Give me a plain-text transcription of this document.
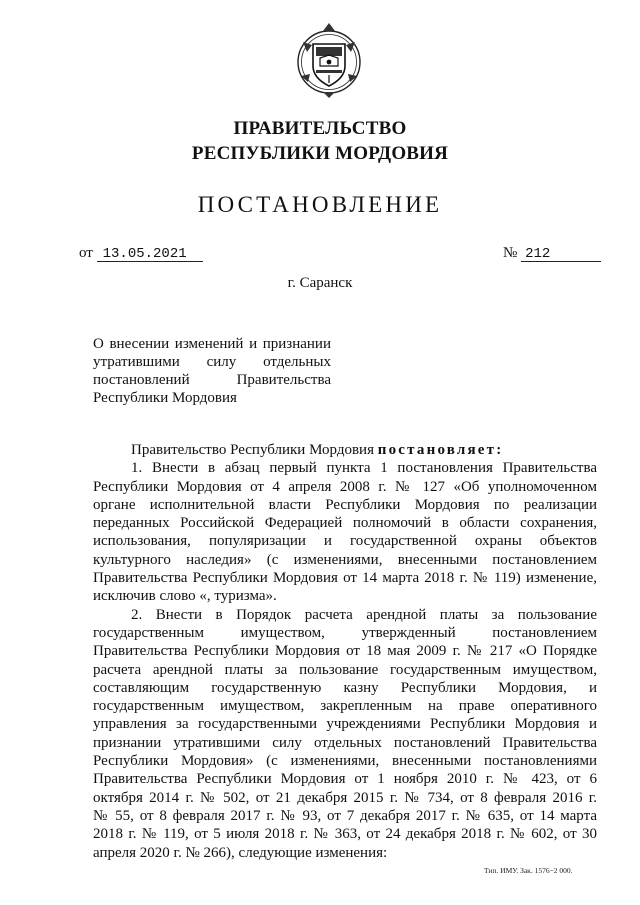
ПРАВИТЕЛЬСТВО
РЕСПУБЛИКИ МОРДОВИЯ
ПОСТАНОВЛЕНИЕ
от 13.05.2021	№ 212
г. Саранск
О внесении изменений и признании
утратившими силу отдельных
постановлений Правительства
Республики Мордовия
Правительство Республики Мордовия постановляет:
1. Внести в абзац первый пункта 1 постановления Правительства
Республики Мордовия от 4 апреля 2008 г. № 127 «Об уполномоченном
органе исполнительной власти Республики Мордовия по реализации
переданных Российской Федерацией полномочий в области сохранения,
использования, популяризации и государственной охраны объектов
культурного наследия» (с изменениями, внесенными постановлением
Правительства Республики Мордовия от 14 марта 2018 г. № 119) изменение,
исключив слово «, туризма».
2. Внести в Порядок расчета арендной платы за пользование
государственным имуществом, утвержденный постановлением
Правительства Республики Мордовия от 18 мая 2009 г. № 217 «О Порядке
расчета арендной платы за пользование государственным имуществом,
составляющим государственную казну Республики Мордовия, и
государственным имуществом, закрепленным на праве оперативного
управления за государственными учреждениями Республики Мордовия и
признании утратившими силу отдельных постановлений Правительства
Республики Мордовия» (с изменениями, внесенными постановлениями
Правительства Республики Мордовия от 1 ноября 2010 г. № 423, от 6
октября 2014 г. № 502, от 21 декабря 2015 г. № 734, от 8 февраля 2016 г.
№ 55, от 8 февраля 2017 г. № 93, от 7 декабря 2017 г. № 635, от 14 марта
2018 г. № 119, от 5 июля 2018 г. № 363, от 24 декабря 2018 г. № 602, от 30
апреля 2020 г. № 266), следующие изменения:
Тип. ИМУ. Зак. 1576−2 000.
